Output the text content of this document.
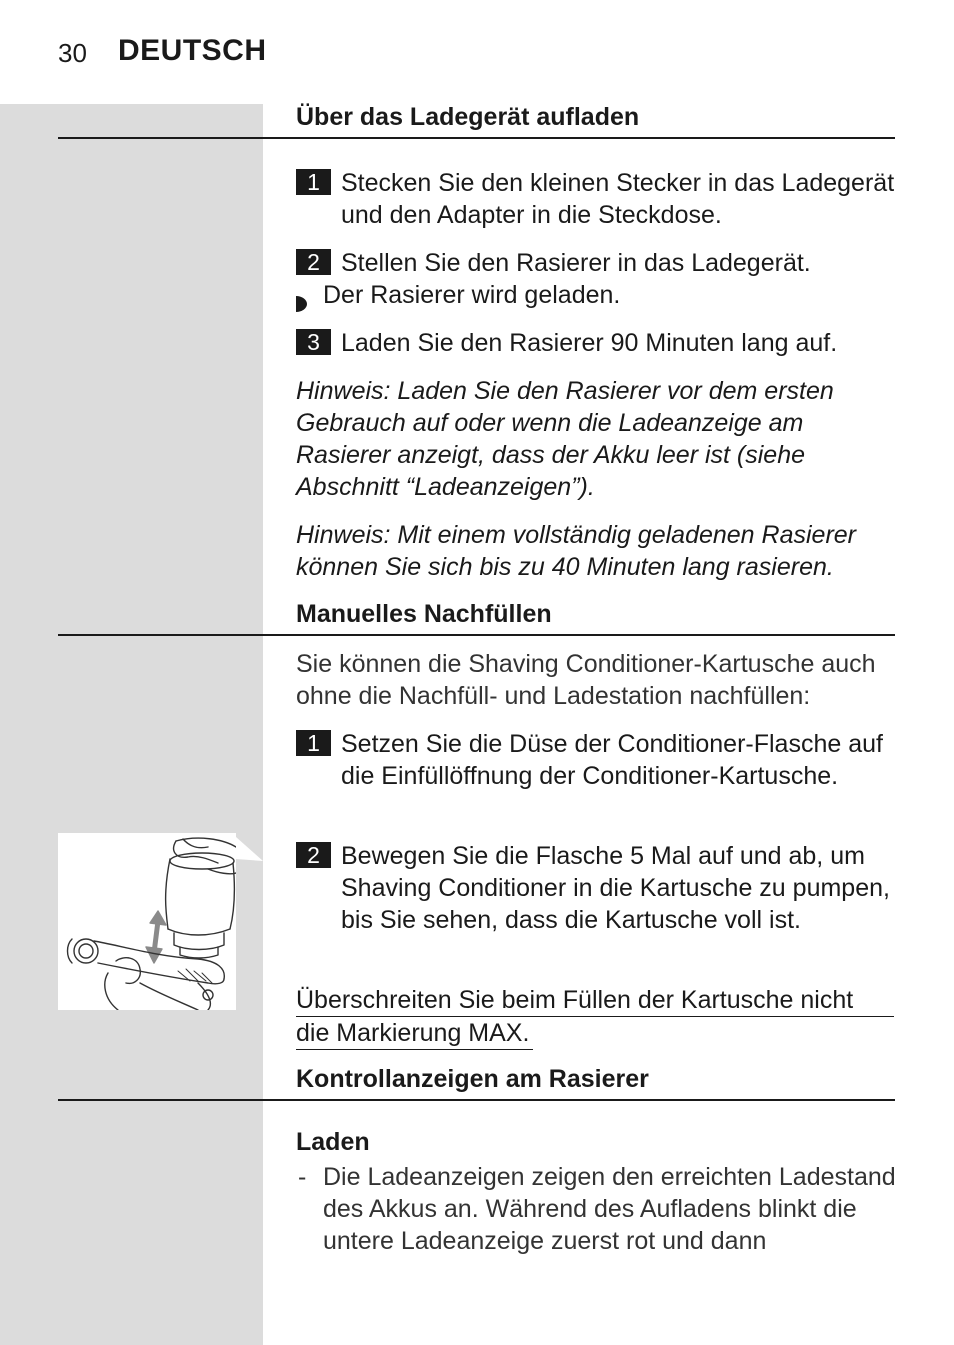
30 DEUTSCH
Über das Ladegerät aufladen
1 Stecken Sie den kleinen Stecker in das Ladegerät und den Adapter in die Steckdose.
2 Stellen Sie den Rasierer in das Ladegerät.
Der Rasierer wird geladen.
3 Laden Sie den Rasierer 90 Minuten lang auf.
Hinweis: Laden Sie den Rasierer vor dem ersten Gebrauch auf oder wenn die Ladeanzeige am Rasierer anzeigt, dass der Akku leer ist (siehe Abschnitt “Ladeanzeigen”).
Hinweis: Mit einem vollständig geladenen Rasierer können Sie sich bis zu 40 Minuten lang rasieren.
Manuelles Nachfüllen
Sie können die Shaving Conditioner-Kartusche auch ohne die Nachfüll- und Ladestation nachfüllen:
1 Setzen Sie die Düse der Conditioner-Flasche auf die Einfüllöffnung der Conditioner-Kartusche.
2 Bewegen Sie die Flasche 5 Mal auf und ab, um Shaving Conditioner in die Kartusche zu pumpen, bis Sie sehen, dass die Kartusche voll ist.
Überschreiten Sie beim Füllen der Kartusche nicht
die Markierung MAX.
Kontrollanzeigen am Rasierer
Laden
- Die Ladeanzeigen zeigen den erreichten Ladestand des Akkus an. Während des Aufladens blinkt die untere Ladeanzeige zuerst rot und dann
